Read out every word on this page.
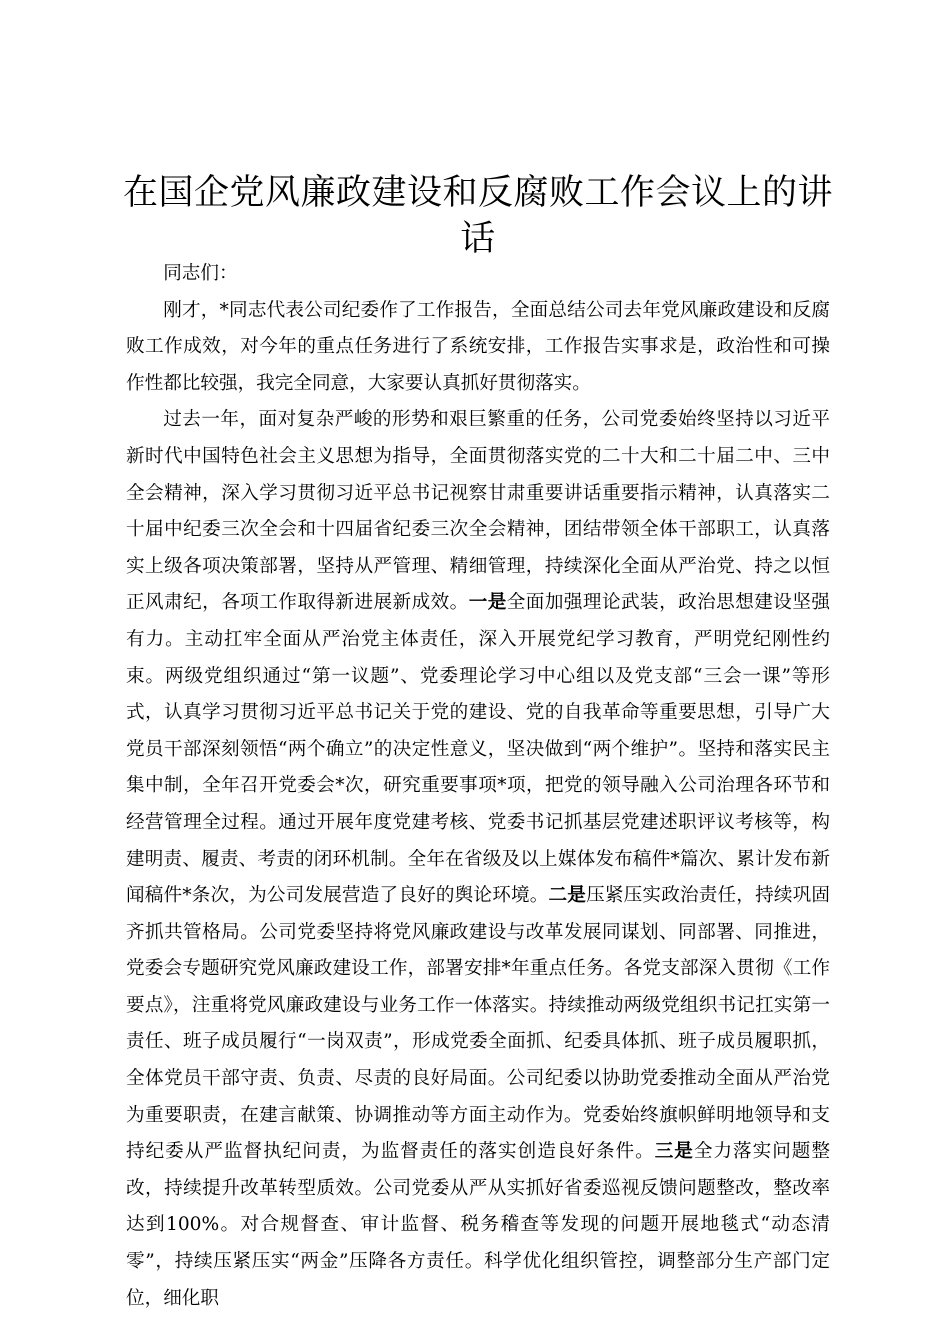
在国企党风廉政建设和反腐败工作会议上的讲话

同志们：

刚才，*同志代表公司纪委作了工作报告，全面总结公司去年党风廉政建设和反腐败工作成效，对今年的重点任务进行了系统安排，工作报告实事求是，政治性和可操作性都比较强，我完全同意，大家要认真抓好贯彻落实。

过去一年，面对复杂严峻的形势和艰巨繁重的任务，公司党委始终坚持以习近平新时代中国特色社会主义思想为指导，全面贯彻落实党的二十大和二十届二中、三中全会精神，深入学习贯彻习近平总书记视察甘肃重要讲话重要指示精神，认真落实二十届中纪委三次全会和十四届省纪委三次全会精神，团结带领全体干部职工，认真落实上级各项决策部署，坚持从严管理、精细管理，持续深化全面从严治党、持之以恒正风肃纪，各项工作取得新进展新成效。一是全面加强理论武装，政治思想建设坚强有力。主动扛牢全面从严治党主体责任，深入开展党纪学习教育，严明党纪刚性约束。两级党组织通过“第一议题”、党委理论学习中心组以及党支部“三会一课”等形式，认真学习贯彻习近平总书记关于党的建设、党的自我革命等重要思想，引导广大党员干部深刻领悟“两个确立”的决定性意义，坚决做到“两个维护”。坚持和落实民主集中制，全年召开党委会*次，研究重要事项*项，把党的领导融入公司治理各环节和经营管理全过程。通过开展年度党建考核、党委书记抓基层党建述职评议考核等，构建明责、履责、考责的闭环机制。全年在省级及以上媒体发布稿件*篇次、累计发布新闻稿件*条次，为公司发展营造了良好的舆论环境。二是压紧压实政治责任，持续巩固齐抓共管格局。公司党委坚持将党风廉政建设与改革发展同谋划、同部署、同推进，党委会专题研究党风廉政建设工作，部署安排*年重点任务。各党支部深入贯彻《工作要点》，注重将党风廉政建设与业务工作一体落实。持续推动两级党组织书记扛实第一责任、班子成员履行“一岗双责”，形成党委全面抓、纪委具体抓、班子成员履职抓，全体党员干部守责、负责、尽责的良好局面。公司纪委以协助党委推动全面从严治党为重要职责，在建言献策、协调推动等方面主动作为。党委始终旗帜鲜明地领导和支持纪委从严监督执纪问责，为监督责任的落实创造良好条件。三是全力落实问题整改，持续提升改革转型质效。公司党委从严从实抓好省委巡视反馈问题整改，整改率达到100%。对合规督查、审计监督、税务稽查等发现的问题开展地毯式“动态清零”，持续压紧压实“两金”压降各方责任。科学优化组织管控，调整部分生产部门定位，细化职
